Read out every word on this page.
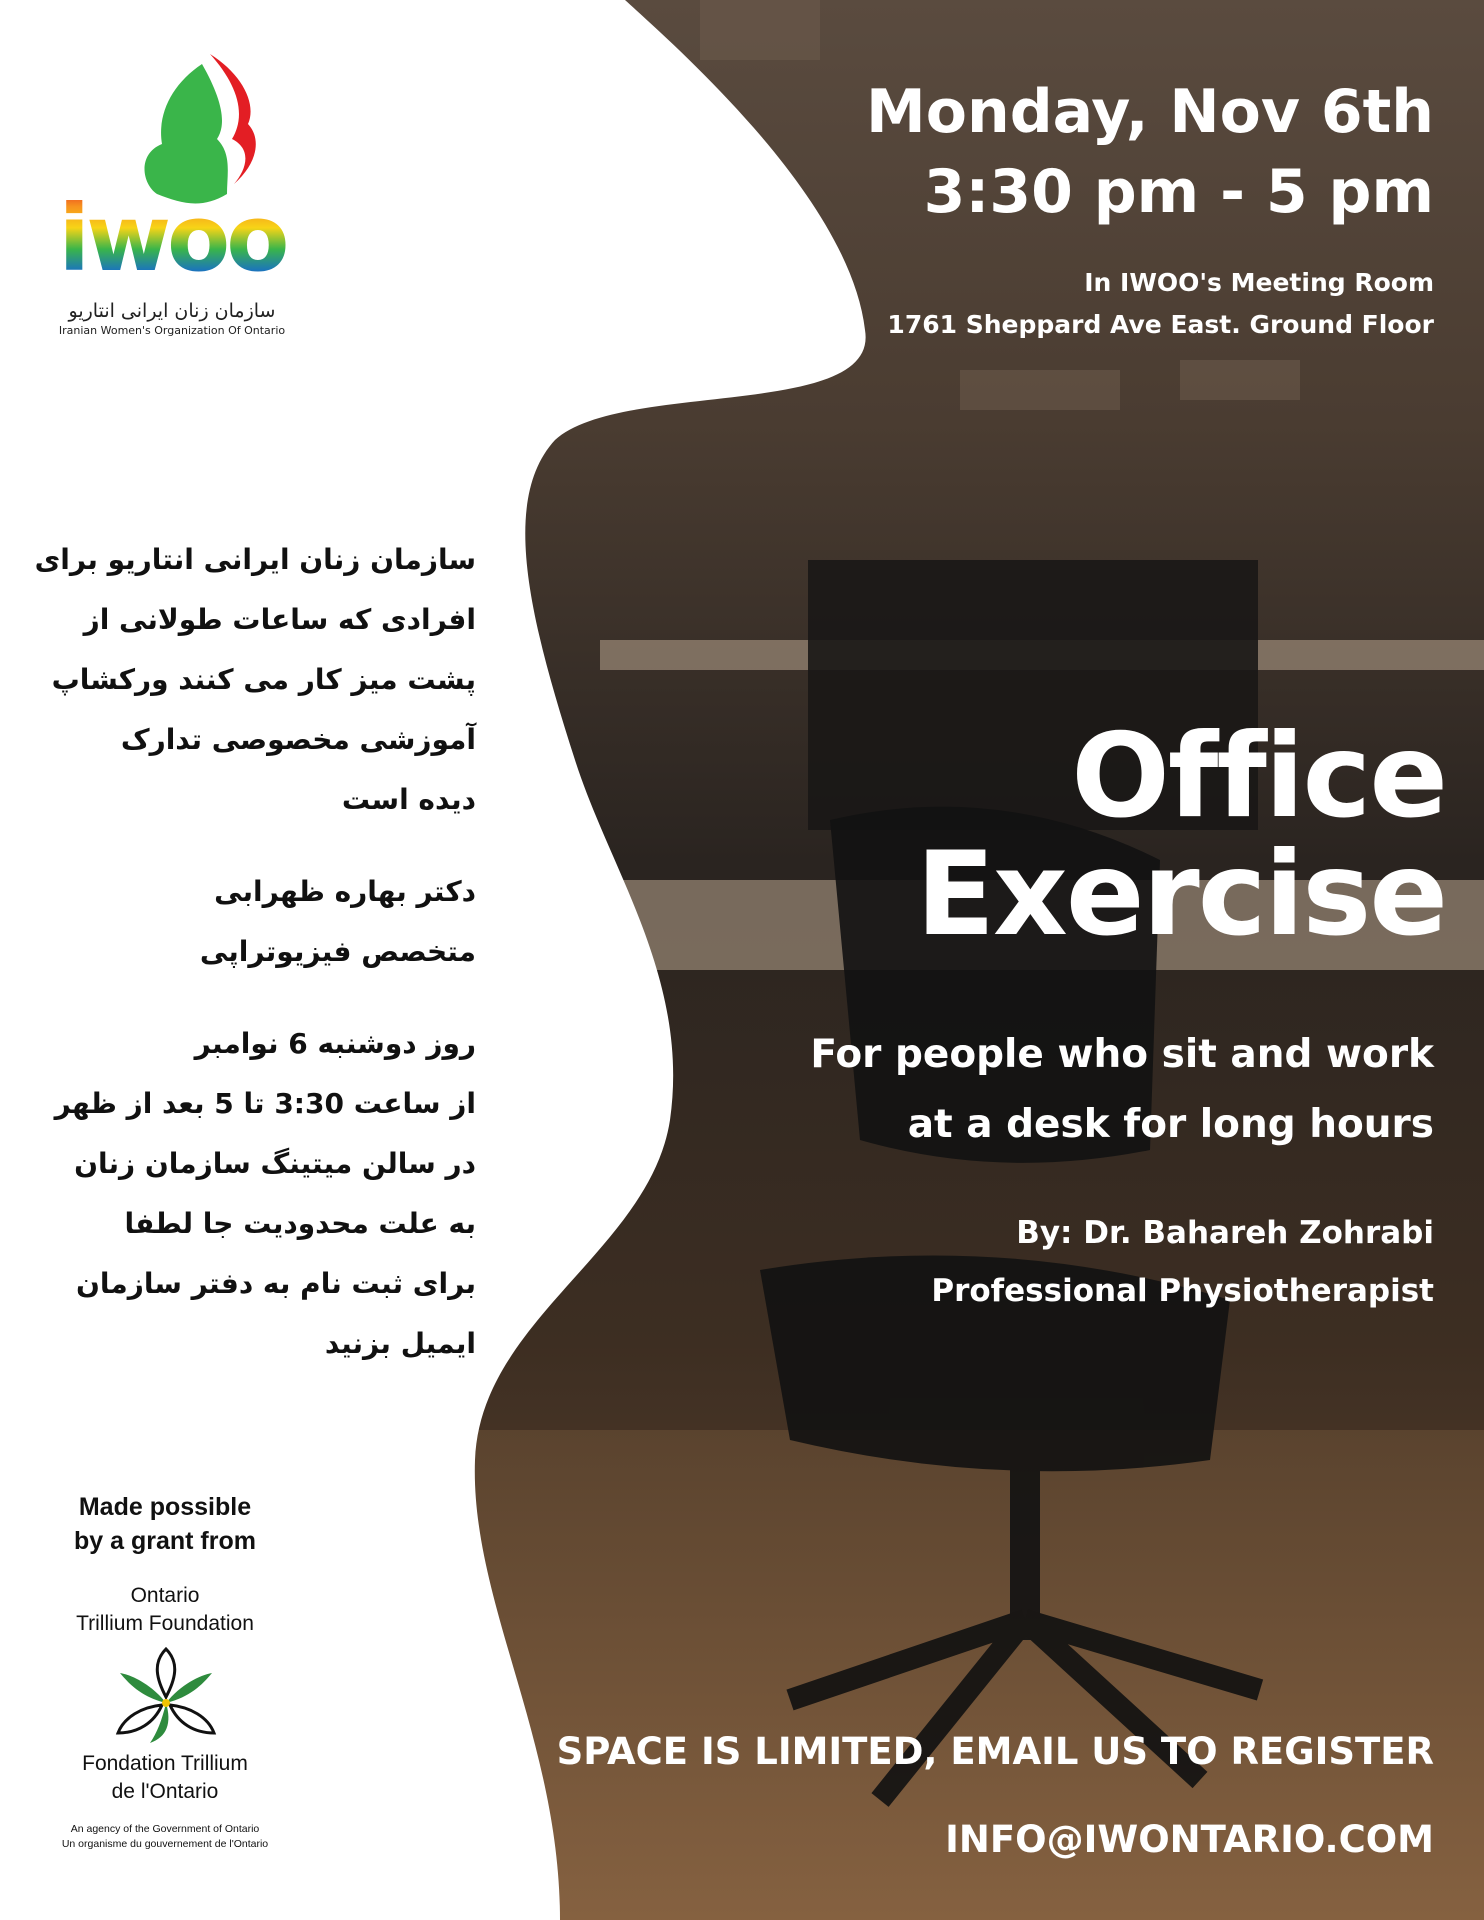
iwoo
سازمان زنان ایرانی انتاریو
Iranian Women's Organization Of Ontario
Monday, Nov 6th
3:30 pm - 5 pm
In IWOO's Meeting Room
1761 Sheppard Ave East. Ground Floor
Office
Exercise
For people who sit and work
at a desk for long hours
By: Dr. Bahareh Zohrabi
Professional Physiotherapist
SPACE IS LIMITED, EMAIL US TO REGISTER
INFO@IWONTARIO.COM

سازمان زنان ایرانی انتاریو برای

افرادی که ساعات طولانی از

پشت میز کار می کنند ورکشاپ

آموزشی مخصوصی تدارک

دیده است

دکتر بهاره ظهرابی

متخصص فیزیوتراپی

روز دوشنبه 6 نوامبر

از ساعت 3:30 تا 5 بعد از ظهر

در سالن میتینگ سازمان زنان

به علت محدودیت جا لطفا

برای ثبت نام به دفتر سازمان

ایمیل بزنید

Made possible
by a grant from
Ontario
Trillium Foundation
Fondation Trillium
de l'Ontario
An agency of the Government of Ontario
Un organisme du gouvernement de l'Ontario
